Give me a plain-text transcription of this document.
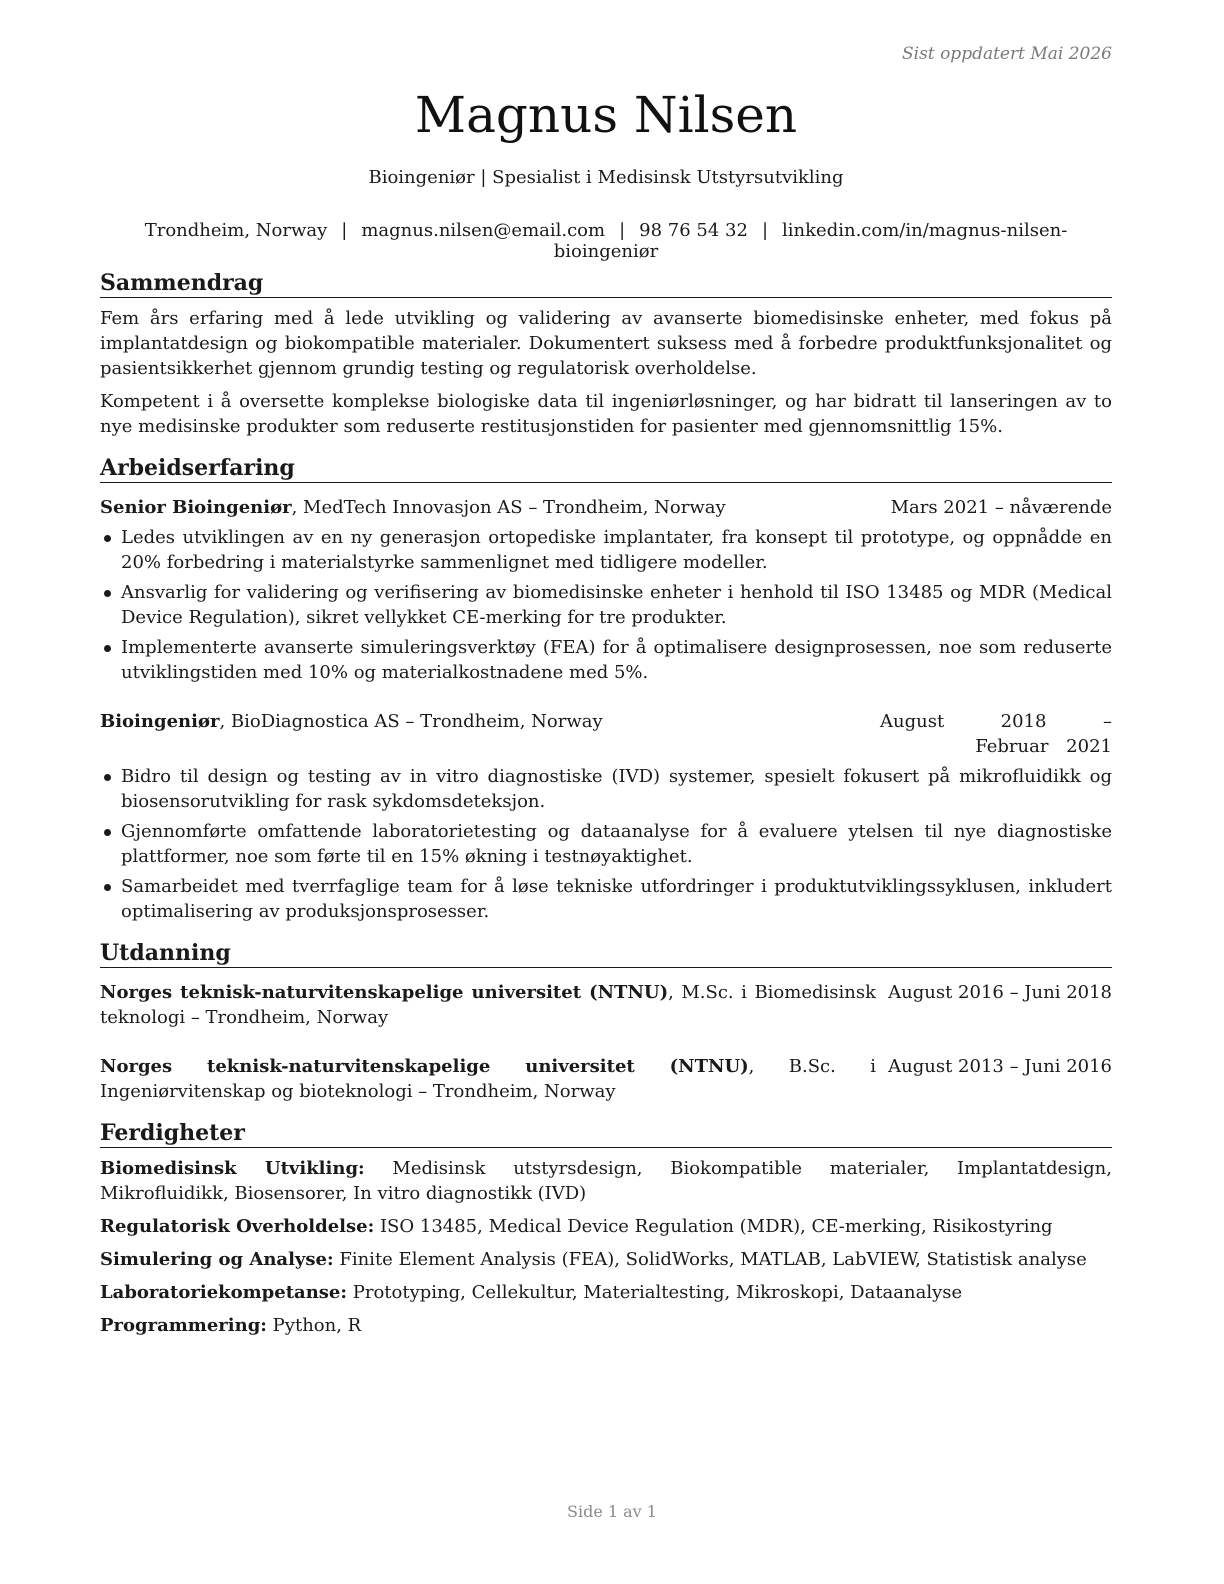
Sist oppdatert Mai 2026
Magnus Nilsen
Bioingeniør | Spesialist i Medisinsk Utstyrsutvikling
Trondheim, Norway | magnus.nilsen@email.com | 98 76 54 32 | linkedin.com/in/magnus-nilsen-bioingeniør
Sammendrag

Fem års erfaring med å lede utvikling og validering av avanserte biomedisinske enheter, med fokus på implantatdesign og biokompatible materialer. Dokumentert suksess med å forbedre produktfunksjonalitet og pasientsikkerhet gjennom grundig testing og regulatorisk overholdelse.

Kompetent i å oversette komplekse biologiske data til ingeniørløsninger, og har bidratt til lanseringen av to nye medisinske produkter som reduserte restitusjonstiden for pasienter med gjennomsnittlig 15%.

Arbeidserfaring
Senior Bioingeniør, MedTech Innovasjon AS – Trondheim, Norway	Mars 2021 – nåværende
Ledes utviklingen av en ny generasjon ortopediske implantater, fra konsept til prototype, og oppnådde en 20% forbedring i materialstyrke sammenlignet med tidligere modeller.
Ansvarlig for validering og verifisering av biomedisinske enheter i henhold til ISO 13485 og MDR (Medical Device Regulation), sikret vellykket CE-merking for tre produkter.
Implementerte avanserte simuleringsverktøy (FEA) for å optimalisere designprosessen, noe som reduserte utviklingstiden med 10% og materialkostnadene med 5%.
Bioingeniør, BioDiagnostica AS – Trondheim, Norway	August 2018 – Februar 2021
Bidro til design og testing av in vitro diagnostiske (IVD) systemer, spesielt fokusert på mikrofluidikk og biosensorutvikling for rask sykdomsdeteksjon.
Gjennomførte omfattende laboratorietesting og dataanalyse for å evaluere ytelsen til nye diagnostiske plattformer, noe som førte til en 15% økning i testnøyaktighet.
Samarbeidet med tverrfaglige team for å løse tekniske utfordringer i produktutviklingssyklusen, inkludert optimalisering av produksjonsprosesser.
Utdanning
Norges teknisk-naturvitenskapelige universitet (NTNU), M.Sc. i Biomedisinsk teknologi – Trondheim, Norway
August 2016 – Juni 2018
Norges teknisk-naturvitenskapelige universitet (NTNU), B.Sc. i Ingeniørvitenskap og bioteknologi – Trondheim, Norway
August 2013 – Juni 2016
Ferdigheter
Biomedisinsk Utvikling: Medisinsk utstyrsdesign, Biokompatible materialer, Implantatdesign, Mikrofluidikk, Biosensorer, In vitro diagnostikk (IVD)
Regulatorisk Overholdelse: ISO 13485, Medical Device Regulation (MDR), CE-merking, Risikostyring
Simulering og Analyse: Finite Element Analysis (FEA), SolidWorks, MATLAB, LabVIEW, Statistisk analyse
Laboratoriekompetanse: Prototyping, Cellekultur, Materialtesting, Mikroskopi, Dataanalyse
Programmering: Python, R
Side 1 av 1
